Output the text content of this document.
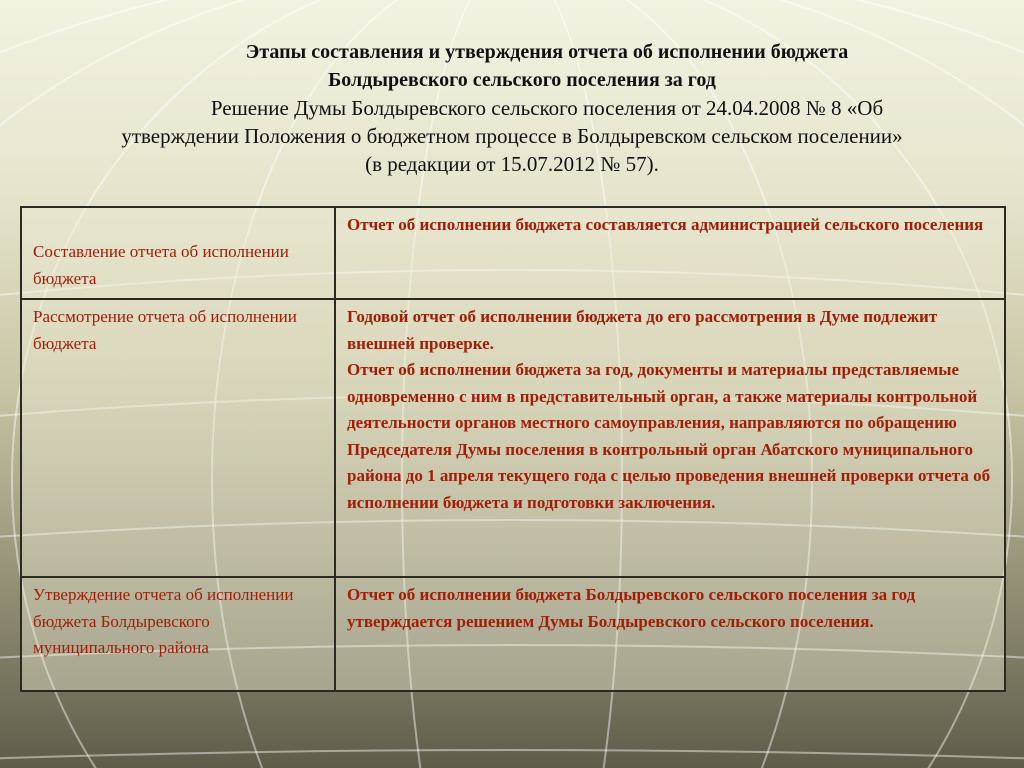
Этапы составления и утверждения отчета об исполнении бюджета
Болдыревского сельского поселения за год
Решение Думы Болдыревского сельского поселения от 24.04.2008 № 8 «Об
утверждении Положения о бюджетном процессе в Болдыревском сельском поселении»
(в редакции от 15.07.2012 № 57).
Составление отчета об исполнении бюджета	Отчет об исполнении бюджета составляется администрацией сельского поселения

Рассмотрение отчета об исполнении бюджета	Годовой отчет об исполнении бюджета до его рассмотрения в Думе подлежит внешней проверке.
Отчет об исполнении бюджета за год, документы и материалы представляемые одновременно с ним в представительный орган, а также материалы контрольной деятельности органов местного самоуправления, направляются по обращению Председателя Думы поселения в контрольный орган Абатского муниципального района до 1 апреля текущего года с целью проведения внешней проверки отчета об исполнении бюджета и подготовки заключения.

Утверждение отчета об исполнении бюджета Болдыревского муниципального района	Отчет об исполнении бюджета Болдыревского сельского поселения за год утверждается решением Думы Болдыревского сельского поселения.
